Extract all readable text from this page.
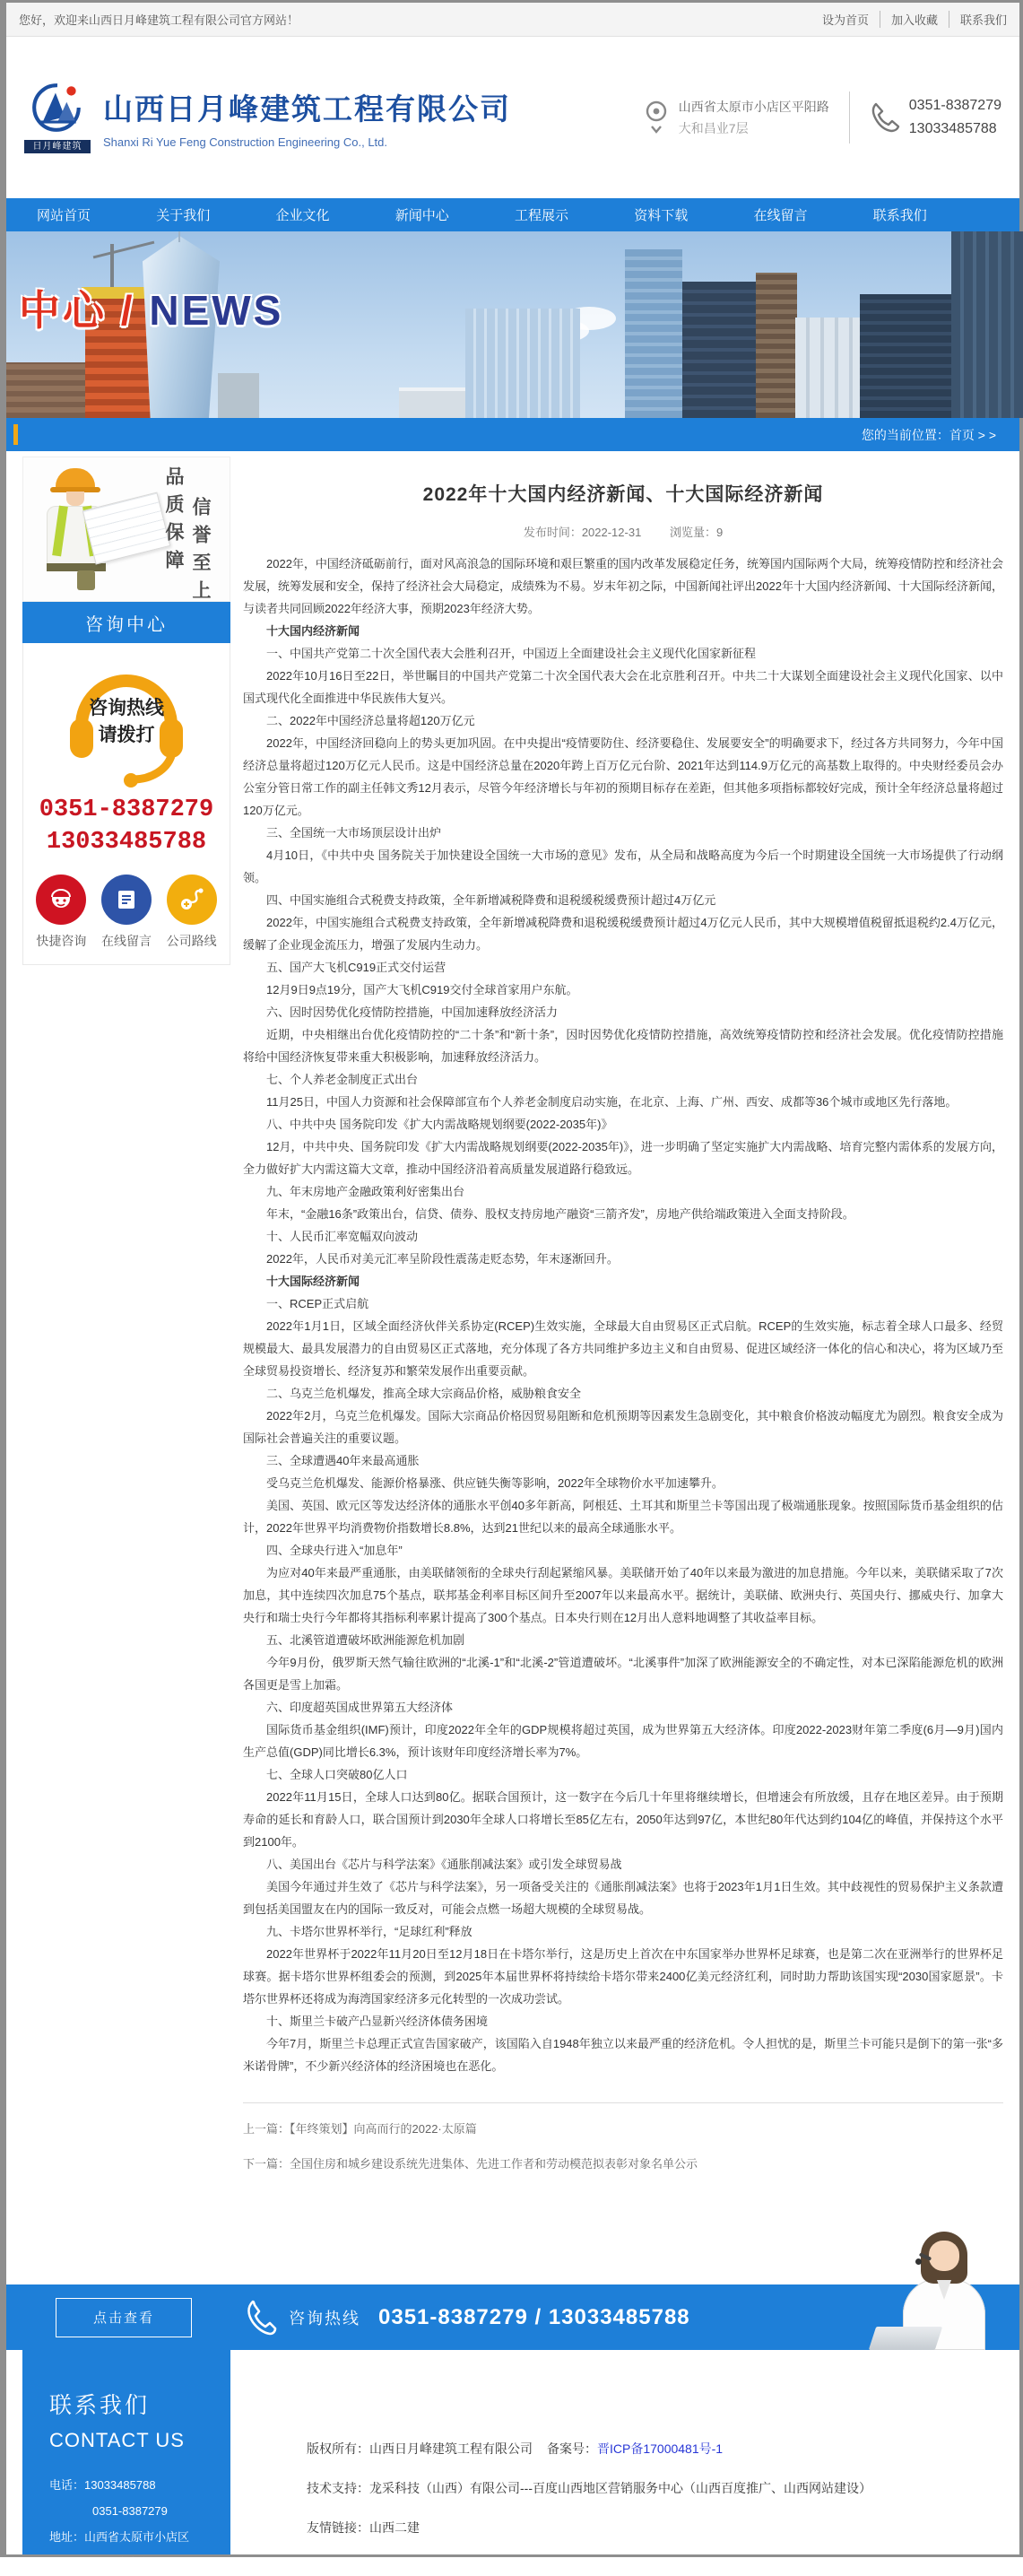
您好，欢迎来山西日月峰建筑工程有限公司官方网站！	设为首页	加入收藏	联系我们
日月峰建筑
山西日月峰建筑工程有限公司
Shanxi Ri Yue Feng Construction Engineering Co., Ltd.
山西省太原市小店区平阳路
大和昌业7层
0351-8387279
13033485788
网站首页	关于我们	企业文化	新闻中心	工程展示	资料下载	在线留言	联系我们
中心 / NEWS
您的当前位置：首页 > >
品质保障 信誉至上
咨询中心
咨询热线
请拨打
0351-8387279
13033485788
快捷咨询 在线留言 公司路线
2022年十大国内经济新闻、十大国际经济新闻
发布时间：2022-12-31 浏览量：9

2022年，中国经济砥砺前行，面对风高浪急的国际环境和艰巨繁重的国内改革发展稳定任务，统筹国内国际两个大局，统筹疫情防控和经济社会发展，统筹发展和安全，保持了经济社会大局稳定，成绩殊为不易。岁末年初之际，中国新闻社评出2022年十大国内经济新闻、十大国际经济新闻，与读者共同回顾2022年经济大事，预期2023年经济大势。

十大国内经济新闻

一、中国共产党第二十次全国代表大会胜利召开，中国迈上全面建设社会主义现代化国家新征程

2022年10月16日至22日，举世瞩目的中国共产党第二十次全国代表大会在北京胜利召开。中共二十大谋划全面建设社会主义现代化国家、以中国式现代化全面推进中华民族伟大复兴。

二、2022年中国经济总量将超120万亿元

2022年，中国经济回稳向上的势头更加巩固。在中央提出“疫情要防住、经济要稳住、发展要安全”的明确要求下，经过各方共同努力，今年中国经济总量将超过120万亿元人民币。这是中国经济总量在2020年跨上百万亿元台阶、2021年达到114.9万亿元的高基数上取得的。中央财经委员会办公室分管日常工作的副主任韩文秀12月表示，尽管今年经济增长与年初的预期目标存在差距，但其他多项指标都较好完成，预计全年经济总量将超过120万亿元。

三、全国统一大市场顶层设计出炉

4月10日，《中共中央 国务院关于加快建设全国统一大市场的意见》发布，从全局和战略高度为今后一个时期建设全国统一大市场提供了行动纲领。

四、中国实施组合式税费支持政策，全年新增减税降费和退税缓税缓费预计超过4万亿元

2022年，中国实施组合式税费支持政策，全年新增减税降费和退税缓税缓费预计超过4万亿元人民币，其中大规模增值税留抵退税约2.4万亿元，缓解了企业现金流压力，增强了发展内生动力。

五、国产大飞机C919正式交付运营

12月9日9点19分，国产大飞机C919交付全球首家用户东航。

六、因时因势优化疫情防控措施，中国加速释放经济活力

近期，中央相继出台优化疫情防控的“二十条”和“新十条”，因时因势优化疫情防控措施，高效统筹疫情防控和经济社会发展。优化疫情防控措施将给中国经济恢复带来重大积极影响，加速释放经济活力。

七、个人养老金制度正式出台

11月25日，中国人力资源和社会保障部宣布个人养老金制度启动实施，在北京、上海、广州、西安、成都等36个城市或地区先行落地。

八、中共中央 国务院印发《扩大内需战略规划纲要(2022-2035年)》

12月，中共中央、国务院印发《扩大内需战略规划纲要(2022-2035年)》，进一步明确了坚定实施扩大内需战略、培育完整内需体系的发展方向，全力做好扩大内需这篇大文章，推动中国经济沿着高质量发展道路行稳致远。

九、年末房地产金融政策利好密集出台

年末，“金融16条”政策出台，信贷、债券、股权支持房地产融资“三箭齐发”，房地产供给端政策进入全面支持阶段。

十、人民币汇率宽幅双向波动

2022年，人民币对美元汇率呈阶段性震荡走贬态势，年末逐渐回升。

十大国际经济新闻

一、RCEP正式启航

2022年1月1日，区域全面经济伙伴关系协定(RCEP)生效实施，全球最大自由贸易区正式启航。RCEP的生效实施，标志着全球人口最多、经贸规模最大、最具发展潜力的自由贸易区正式落地，充分体现了各方共同维护多边主义和自由贸易、促进区域经济一体化的信心和决心，将为区域乃至全球贸易投资增长、经济复苏和繁荣发展作出重要贡献。

二、乌克兰危机爆发，推高全球大宗商品价格，威胁粮食安全

2022年2月，乌克兰危机爆发。国际大宗商品价格因贸易阻断和危机预期等因素发生急剧变化，其中粮食价格波动幅度尤为剧烈。粮食安全成为国际社会普遍关注的重要议题。

三、全球遭遇40年来最高通胀

受乌克兰危机爆发、能源价格暴涨、供应链失衡等影响，2022年全球物价水平加速攀升。

美国、英国、欧元区等发达经济体的通胀水平创40多年新高，阿根廷、土耳其和斯里兰卡等国出现了极端通胀现象。按照国际货币基金组织的估计，2022年世界平均消费物价指数增长8.8%，达到21世纪以来的最高全球通胀水平。

四、全球央行进入“加息年”

为应对40年来最严重通胀，由美联储领衔的全球央行刮起紧缩风暴。美联储开始了40年以来最为激进的加息措施。今年以来，美联储采取了7次加息，其中连续四次加息75个基点，联邦基金利率目标区间升至2007年以来最高水平。据统计，美联储、欧洲央行、英国央行、挪威央行、加拿大央行和瑞士央行今年都将其指标利率累计提高了300个基点。日本央行则在12月出人意料地调整了其收益率目标。

五、北溪管道遭破坏欧洲能源危机加剧

今年9月份，俄罗斯天然气输往欧洲的“北溪-1”和“北溪-2”管道遭破坏。“北溪事件”加深了欧洲能源安全的不确定性，对本已深陷能源危机的欧洲各国更是雪上加霜。

六、印度超英国成世界第五大经济体

国际货币基金组织(IMF)预计，印度2022年全年的GDP规模将超过英国，成为世界第五大经济体。印度2022-2023财年第二季度(6月—9月)国内生产总值(GDP)同比增长6.3%，预计该财年印度经济增长率为7%。

七、全球人口突破80亿人口

2022年11月15日，全球人口达到80亿。据联合国预计，这一数字在今后几十年里将继续增长，但增速会有所放缓，且存在地区差异。由于预期寿命的延长和育龄人口，联合国预计到2030年全球人口将增长至85亿左右，2050年达到97亿，本世纪80年代达到约104亿的峰值，并保持这个水平到2100年。

八、美国出台《芯片与科学法案》《通胀削减法案》或引发全球贸易战

美国今年通过并生效了《芯片与科学法案》，另一项备受关注的《通胀削减法案》也将于2023年1月1日生效。其中歧视性的贸易保护主义条款遭到包括美国盟友在内的国际一致反对，可能会点燃一场超大规模的全球贸易战。

九、卡塔尔世界杯举行，“足球红利”释放

2022年世界杯于2022年11月20日至12月18日在卡塔尔举行，这是历史上首次在中东国家举办世界杯足球赛，也是第二次在亚洲举行的世界杯足球赛。据卡塔尔世界杯组委会的预测，到2025年本届世界杯将持续给卡塔尔带来2400亿美元经济红利，同时助力帮助该国实现“2030国家愿景”。卡塔尔世界杯还将成为海湾国家经济多元化转型的一次成功尝试。

十、斯里兰卡破产凸显新兴经济体债务困境

今年7月，斯里兰卡总理正式宣告国家破产，该国陷入自1948年独立以来最严重的经济危机。令人担忧的是，斯里兰卡可能只是倒下的第一张“多米诺骨牌”，不少新兴经济体的经济困境也在恶化。

上一篇：【年终策划】向高而行的2022·太原篇
下一篇：全国住房和城乡建设系统先进集体、先进工作者和劳动模范拟表彰对象名单公示
点击查看	咨询热线 0351-8387279 / 13033485788
联系我们
CONTACT US
电话：13033485788
0351-8387279
地址：山西省太原市小店区
平阳路大和昌业7层
版权所有：山西日月峰建筑工程有限公司 备案号：晋ICP备17000481号-1
技术支持：龙采科技（山西）有限公司---百度山西地区营销服务中心（山西百度推广、山西网站建设）
友情链接：山西二建
